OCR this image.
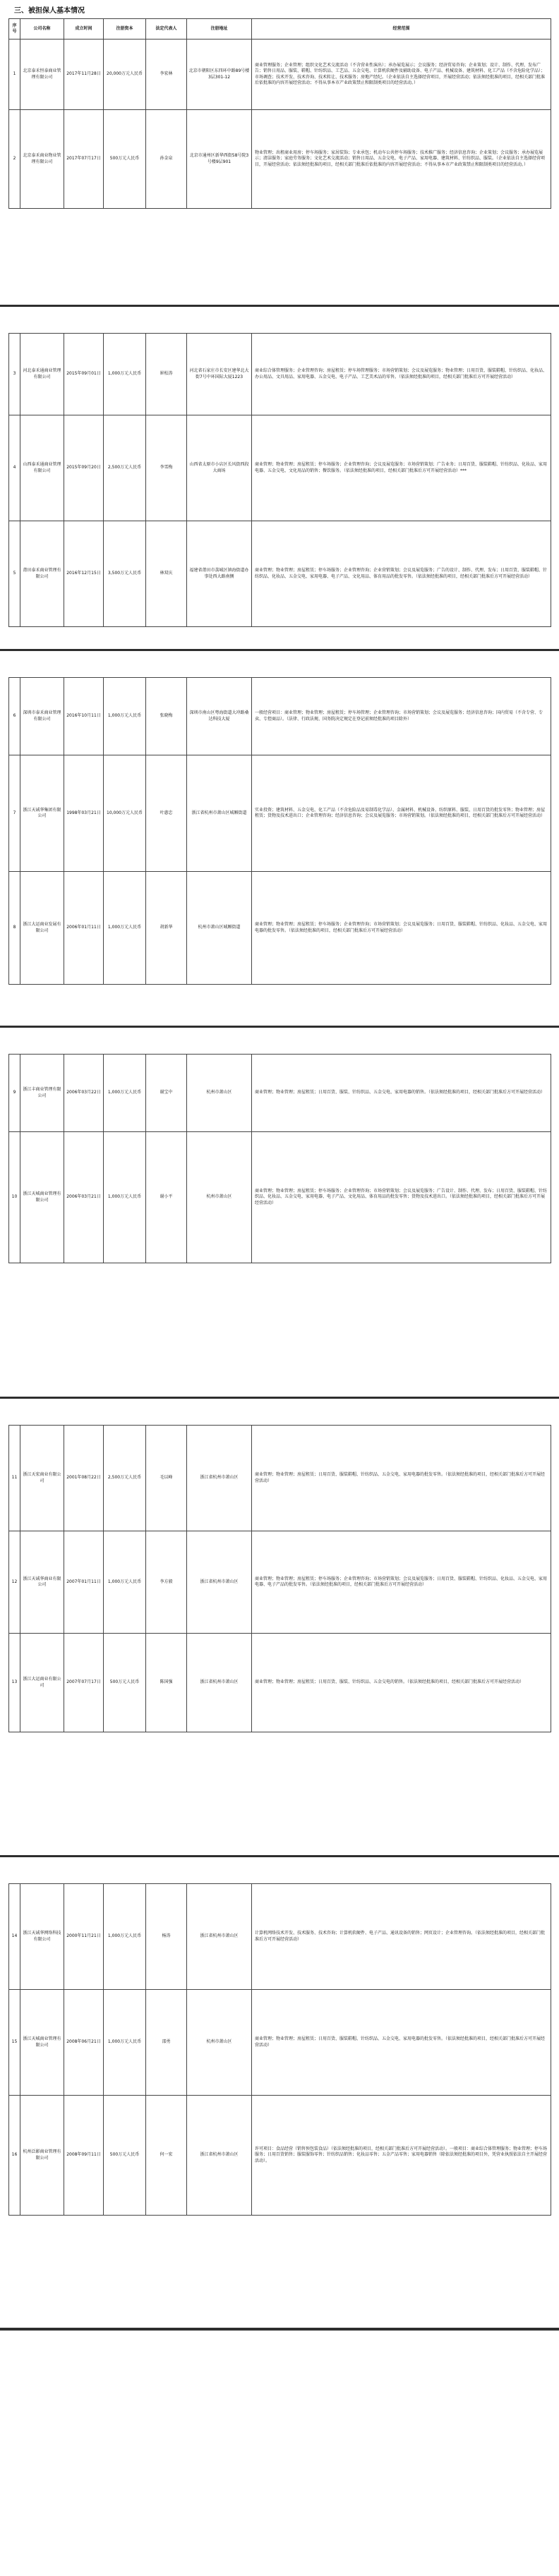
三、被担保人基本情况
序号	公司名称	成立时间	注册资本	法定代表人	注册地址	经营范围
1	北京泰禾恒泰商业管理有限公司	2017年11月28日	20,000万元人民币	李宏林	北京市朝阳区东四环中路89号楼3层301-12	商业管理服务；企业管理；组织文化艺术交流活动（不含营业性演出）；承办展览展示；会议服务；经济贸易咨询；企业策划；设计、制作、代理、发布广告；销售日用品、服装、鞋帽、针纺织品、工艺品、五金交电、计算机软硬件及辅助设备、电子产品、机械设备、建筑材料、化工产品（不含危险化学品）；市场调查；技术开发、技术咨询、技术转让、技术服务；房地产经纪。（企业依法自主选择经营项目，开展经营活动；依法须经批准的项目，经相关部门批准后依批准的内容开展经营活动；不得从事本市产业政策禁止和限制类项目的经营活动。）
2	北京泰禾商业物业管理有限公司	2017年07月17日	500万元人民币	孙金泉	北京市通州区新华西街58号院3号楼9层901	物业管理；出租商业用房；停车场服务；家居装饰；专业承包；机动车公共停车场服务；技术推广服务；经济信息咨询；企业策划；会议服务；承办展览展示；清洁服务；家庭劳务服务；文化艺术交流活动；销售日用品、五金交电、电子产品、家用电器、建筑材料、针纺织品、服装。（企业依法自主选择经营项目，开展经营活动；依法须经批准的项目，经相关部门批准后依批准的内容开展经营活动；不得从事本市产业政策禁止和限制类项目的经营活动。）
3	河北泰禾通商业管理有限公司	2015年09月01日	1,000万元人民币	崔松涛	河北省石家庄市长安区建华北大街7号中环国际大厦1223	商业综合体管理服务；企业管理咨询；房屋租赁；停车场管理服务；市场营销策划；会议及展览服务；物业管理；日用百货、服装鞋帽、针纺织品、化妆品、办公用品、文具用品、家用电器、五金交电、电子产品、工艺美术品的零售。（依法须经批准的项目，经相关部门批准后方可开展经营活动）
4	山西泰禾通商业管理有限公司	2015年09月20日	2,500万元人民币	李雪梅	山西省太原市小店区长风街西段大商场	商业管理；物业管理；房屋租赁；停车场服务；企业管理咨询；会议及展览服务；市场营销策划；广告业务；日用百货、服装鞋帽、针纺织品、化妆品、家用电器、五金交电、文化用品的销售；餐饮服务。（依法须经批准的项目，经相关部门批准后方可开展经营活动）***
5	莆田泰禾商业管理有限公司	2016年12月15日	3,500万元人民币	林双庆	福建省莆田市荔城区镇海街道办事处西大路南侧	商业管理；物业管理；房屋租赁；停车场服务；企业管理咨询；企业营销策划；会议及展览服务；广告的设计、制作、代理、发布；日用百货、服装鞋帽、针纺织品、化妆品、五金交电、家用电器、电子产品、文化用品、体育用品的批发零售。（依法须经批准的项目，经相关部门批准后方可开展经营活动）
6	深圳市泰禾商业管理有限公司	2016年10月11日	1,000万元人民币	张晓梅	深圳市南山区粤海街道大冲路桑达科技大厦	一般经营项目：商业管理；物业管理；房屋租赁；停车场管理；企业管理咨询；市场营销策划；会议及展览服务；经济信息咨询；国内贸易（不含专营、专卖、专控商品）。（法律、行政法规、国务院决定规定在登记前须经批准的项目除外）
7	浙江天诚华集团有限公司	1998年03月21日	10,000万元人民币	叶惠忠	浙江省杭州市萧山区城厢街道	实业投资；建筑材料、五金交电、化工产品（不含危险品及易制毒化学品）、金属材料、机械设备、纺织原料、服装、日用百货的批发零售；物业管理；房屋租赁；货物及技术进出口；企业管理咨询；经济信息咨询；会议及展览服务；市场营销策划。（依法须经批准的项目，经相关部门批准后方可开展经营活动）
8	浙江大运商业发展有限公司	2006年01月11日	1,000万元人民币	胡新华	杭州市萧山区城厢街道	商业管理；物业管理；房屋租赁；停车场服务；企业管理咨询；市场营销策划；会议及展览服务；日用百货、服装鞋帽、针纺织品、化妆品、五金交电、家用电器的批发零售。（依法须经批准的项目，经相关部门批准后方可开展经营活动）
9	浙江丰商业管理有限公司	2006年03月22日	1,000万元人民币	谢宝中	杭州市萧山区	商业管理；物业管理；房屋租赁；日用百货、服装、针纺织品、五金交电、家用电器的销售。（依法须经批准的项目，经相关部门批准后方可开展经营活动）
10	浙江天城商业管理有限公司	2006年03月21日	1,000万元人民币	谢小平	杭州市萧山区	商业管理；物业管理；房屋租赁；停车场服务；企业管理咨询；市场营销策划；会议及展览服务；广告设计、制作、代理、发布；日用百货、服装鞋帽、针纺织品、化妆品、五金交电、家用电器、电子产品、文化用品、体育用品的批发零售；货物及技术进出口。（依法须经批准的项目，经相关部门批准后方可开展经营活动）
11	浙江天宏商业有限公司	2001年08月22日	2,500万元人民币	毛以峰	浙江省杭州市萧山区	商业管理；物业管理；房屋租赁；日用百货、服装鞋帽、针纺织品、五金交电、家用电器的批发零售。（依法须经批准的项目，经相关部门批准后方可开展经营活动）
12	浙江天诚华商业有限公司	2007年01月11日	1,000万元人民币	李方毅	浙江省杭州市萧山区	商业管理；物业管理；房屋租赁；停车场服务；企业管理咨询；市场营销策划；会议及展览服务；日用百货、服装鞋帽、针纺织品、化妆品、五金交电、家用电器、电子产品的批发零售。（依法须经批准的项目，经相关部门批准后方可开展经营活动）
13	浙江大运商业有限公司	2007年07月17日	500万元人民币	陈国强	浙江省杭州市萧山区	商业管理；物业管理；房屋租赁；日用百货、服装、针纺织品、五金交电的销售。（依法须经批准的项目，经相关部门批准后方可开展经营活动）
14	浙江天诚华网络科技有限公司	2000年11月21日	1,000万元人民币	杨涛	浙江省杭州市萧山区	计算机网络技术开发、技术服务、技术咨询；计算机软硬件、电子产品、通讯设备的销售；网页设计；企业管理咨询。（依法须经批准的项目，经相关部门批准后方可开展经营活动）
15	浙江天城商业管理有限公司	2008年06月21日	1,000万元人民币	邵勇	杭州市萧山区	商业管理；物业管理；房屋租赁；日用百货、服装鞋帽、针纺织品、五金交电、家用电器的批发零售。（依法须经批准的项目，经相关部门批准后方可开展经营活动）
16	杭州泛影商业管理有限公司	2008年09月11日	500万元人民币	何一宏	浙江省杭州市萧山区	许可项目：食品经营（销售预包装食品）（依法须经批准的项目，经相关部门批准后方可开展经营活动）。一般项目：商业综合体管理服务；物业管理；停车场服务；日用百货销售；服装服饰零售；针纺织品销售；化妆品零售；五金产品零售；家用电器销售（除依法须经批准的项目外，凭营业执照依法自主开展经营活动）。
